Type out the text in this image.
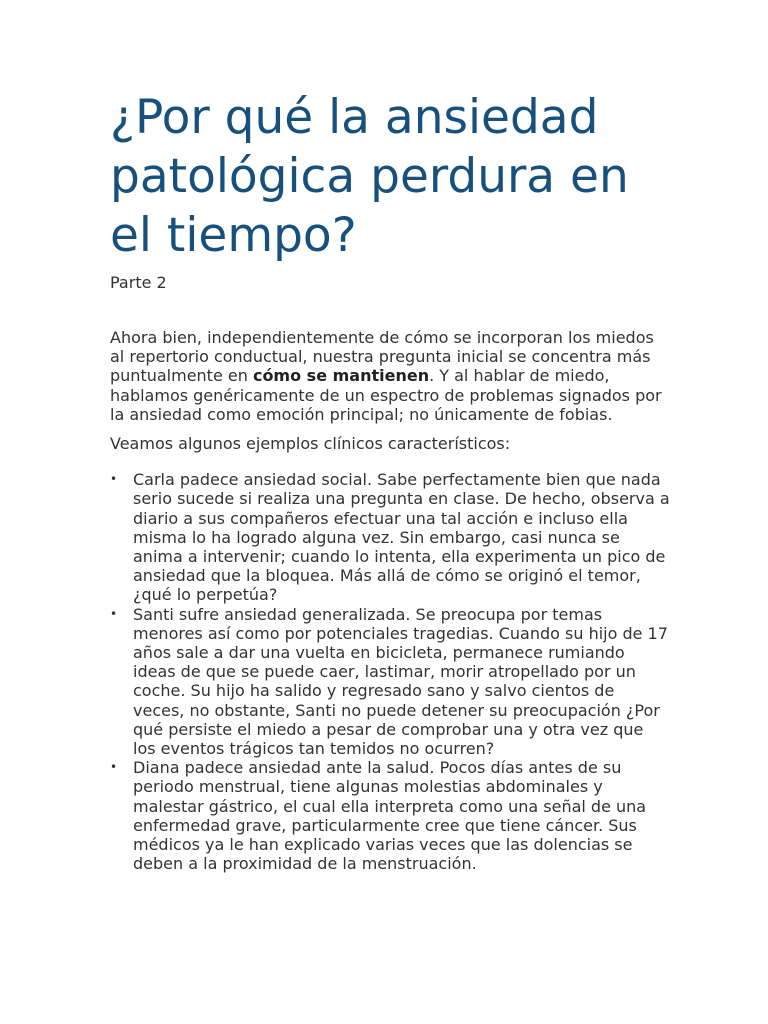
¿Por qué la ansiedad patológica perdura en el tiempo?
Parte 2

Ahora bien, independientemente de cómo se incorporan los miedos al repertorio conductual, nuestra pregunta inicial se concentra más puntualmente en cómo se mantienen. Y al hablar de miedo, hablamos genéricamente de un espectro de problemas signados por la ansiedad como emoción principal; no únicamente de fobias.

Veamos algunos ejemplos clínicos característicos:

• Carla padece ansiedad social. Sabe perfectamente bien que nada serio sucede si realiza una pregunta en clase. De hecho, observa a diario a sus compañeros efectuar una tal acción e incluso ella misma lo ha logrado alguna vez. Sin embargo, casi nunca se anima a intervenir; cuando lo intenta, ella experimenta un pico de ansiedad que la bloquea. Más allá de cómo se originó el temor, ¿qué lo perpetúa?
• Santi sufre ansiedad generalizada. Se preocupa por temas menores así como por potenciales tragedias. Cuando su hijo de 17 años sale a dar una vuelta en bicicleta, permanece rumiando ideas de que se puede caer, lastimar, morir atropellado por un coche. Su hijo ha salido y regresado sano y salvo cientos de veces, no obstante, Santi no puede detener su preocupación ¿Por qué persiste el miedo a pesar de comprobar una y otra vez que los eventos trágicos tan temidos no ocurren?
• Diana padece ansiedad ante la salud. Pocos días antes de su periodo menstrual, tiene algunas molestias abdominales y malestar gástrico, el cual ella interpreta como una señal de una enfermedad grave, particularmente cree que tiene cáncer. Sus médicos ya le han explicado varias veces que las dolencias se deben a la proximidad de la menstruación.
